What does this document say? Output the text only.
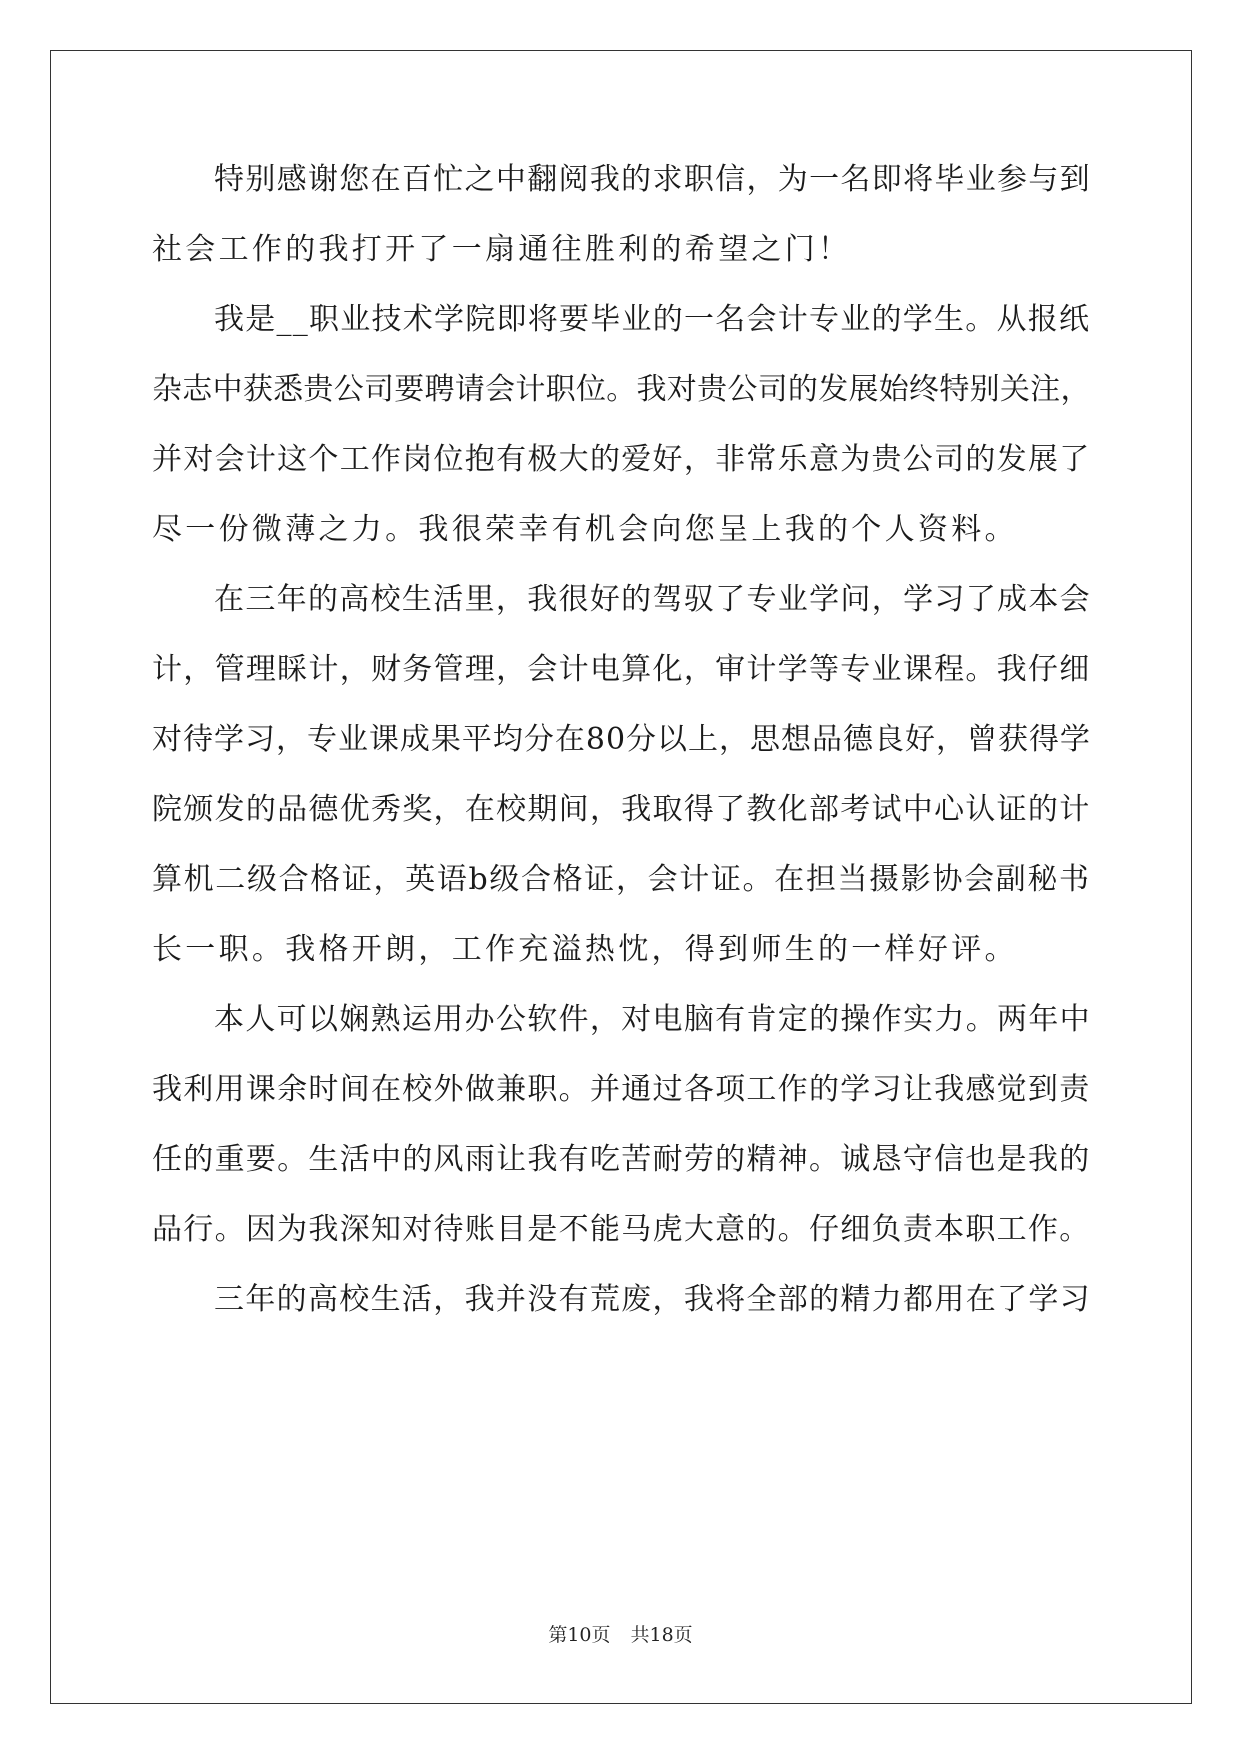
特别感谢您在百忙之中翻阅我的求职信，为一名即将毕业参与到
社会工作的我打开了一扇通往胜利的希望之门！
我是__职业技术学院即将要毕业的一名会计专业的学生。从报纸
杂志中获悉贵公司要聘请会计职位。我对贵公司的发展始终特别关注，
并对会计这个工作岗位抱有极大的爱好，非常乐意为贵公司的发展了
尽一份微薄之力。我很荣幸有机会向您呈上我的个人资料。
在三年的高校生活里，我很好的驾驭了专业学问，学习了成本会
计，管理睬计，财务管理，会计电算化，审计学等专业课程。我仔细
对待学习，专业课成果平均分在80分以上，思想品德良好，曾获得学
院颁发的品德优秀奖，在校期间，我取得了教化部考试中心认证的计
算机二级合格证，英语b级合格证，会计证。在担当摄影协会副秘书
长一职。我格开朗，工作充溢热忱，得到师生的一样好评。
本人可以娴熟运用办公软件，对电脑有肯定的操作实力。两年中
我利用课余时间在校外做兼职。并通过各项工作的学习让我感觉到责
任的重要。生活中的风雨让我有吃苦耐劳的精神。诚恳守信也是我的
品行。因为我深知对待账目是不能马虎大意的。仔细负责本职工作。
三年的高校生活，我并没有荒废，我将全部的精力都用在了学习
第10页 共18页
